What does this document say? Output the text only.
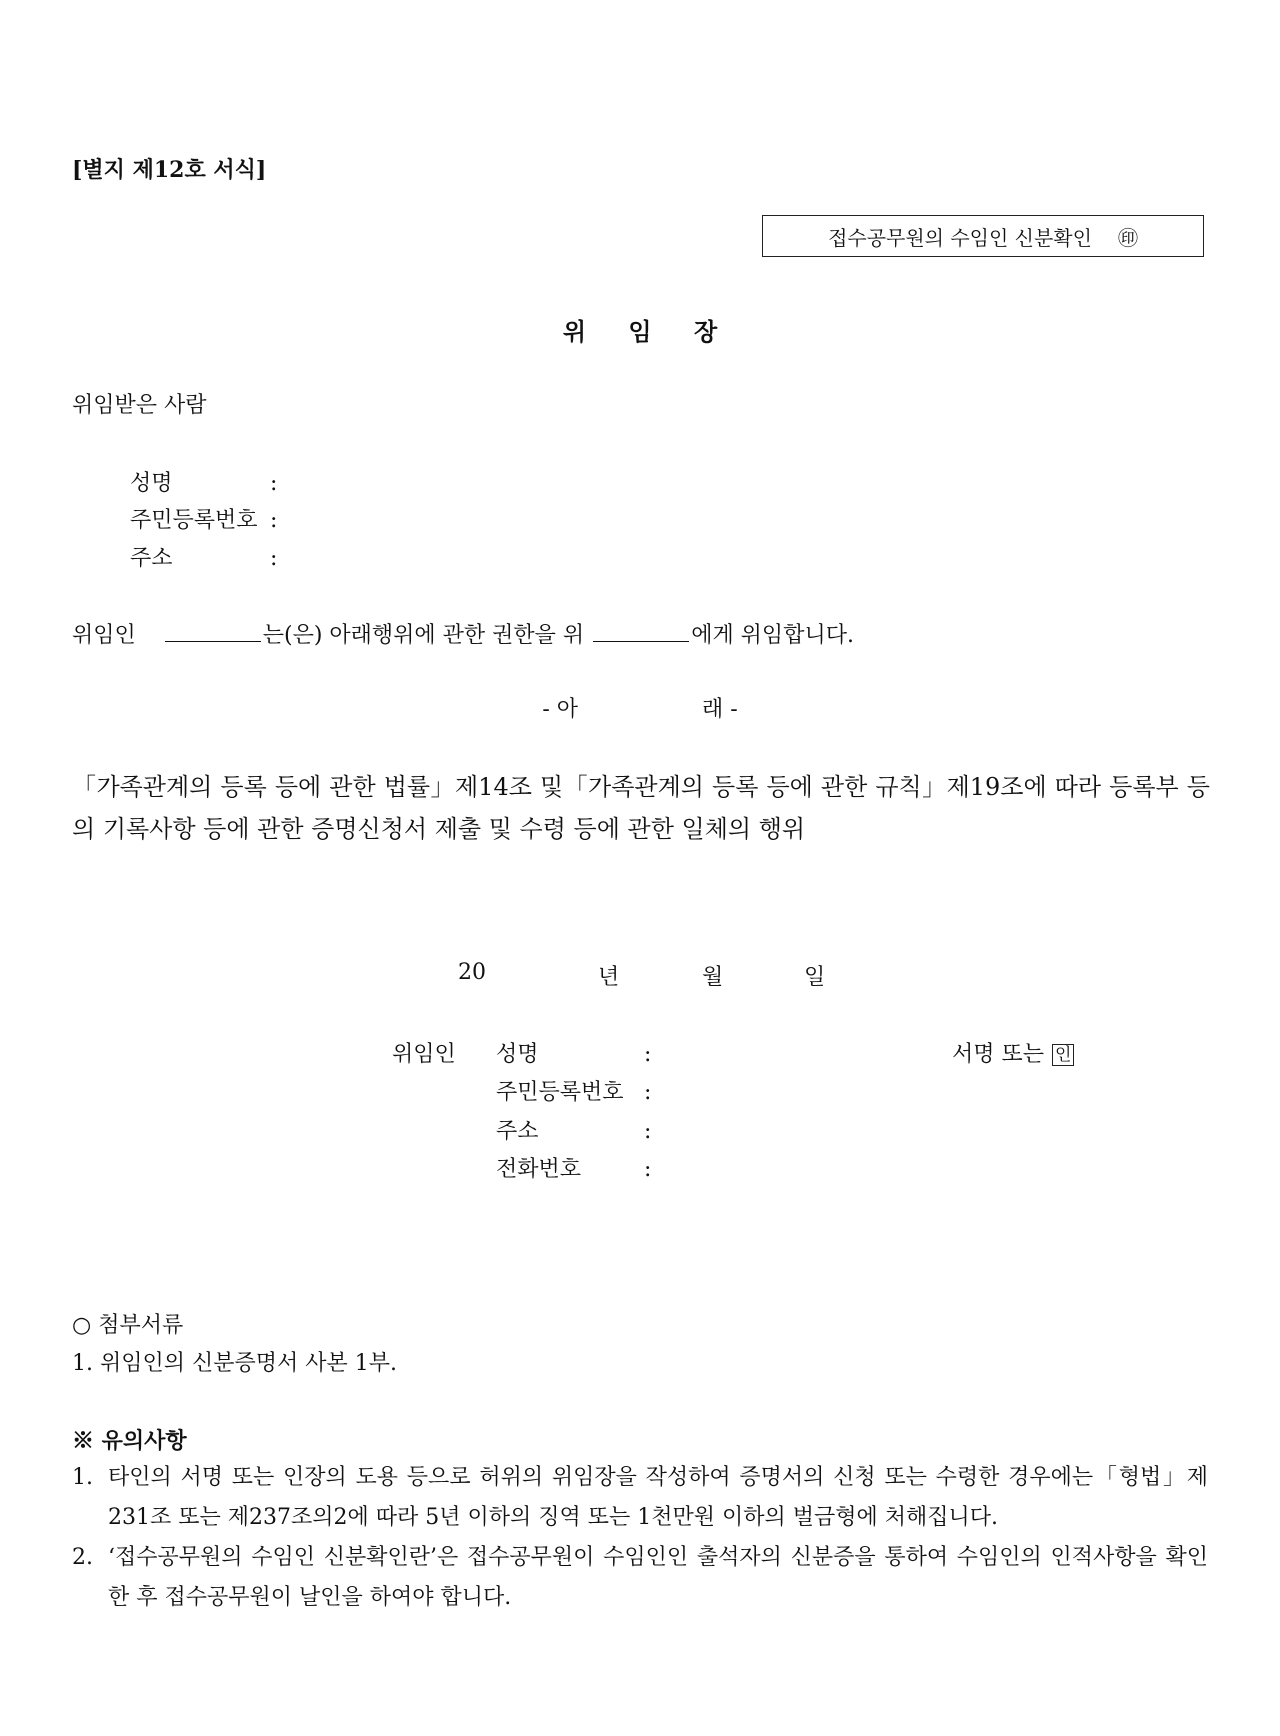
[별지 제12호 서식]
접수공무원의 수임인 신분확인 ㊞
위 임 장
위임받은 사람
성명	:
주민등록번호 :
주소	:
위임인	는(은) 아래행위에 관한 권한을 위	에게 위임합니다.
- 아	래 -
「가족관계의 등록 등에 관한 법률」제14조 및「가족관계의 등록 등에 관한 규칙」제19조에 따라 등록부 등의 기록사항 등에 관한 증명신청서 제출 및 수령 등에 관한 일체의 행위
20	년	월	일
위임인 성명	:
주민등록번호 :
주소	:
전화번호	:
서명 또는 인
○ 첨부서류
1. 위임인의 신분증명서 사본 1부.
※ 유의사항
1. 타인의 서명 또는 인장의 도용 등으로 허위의 위임장을 작성하여 증명서의 신청 또는 수령한 경우에는「형법」제231조 또는 제237조의2에 따라 5년 이하의 징역 또는 1천만원 이하의 벌금형에 처해집니다.
2. ‘접수공무원의 수임인 신분확인란’은 접수공무원이 수임인인 출석자의 신분증을 통하여 수임인의 인적사항을 확인한 후 접수공무원이 날인을 하여야 합니다.
